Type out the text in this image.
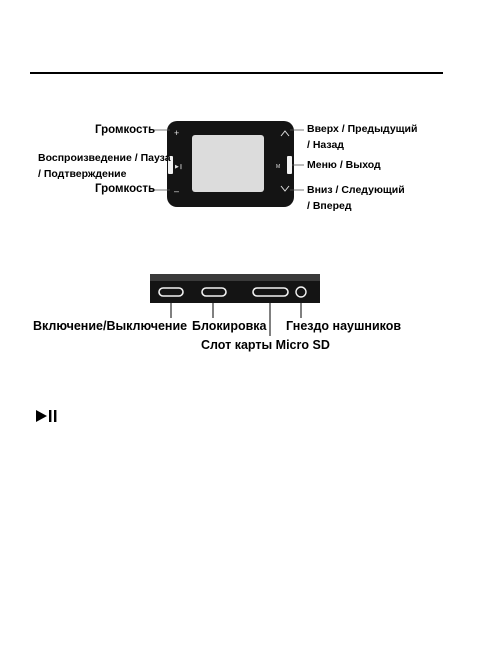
+
–
M
▶❙
Громкость
Воспроизведение / Пауза
/ Подтверждение
Громкость
Вверх / Предыдущий
/ Назад
Меню / Выход
Вниз / Следующий
/ Вперед
Включение/Выключение Блокировка Гнездо наушников
Слот карты Micro SD
